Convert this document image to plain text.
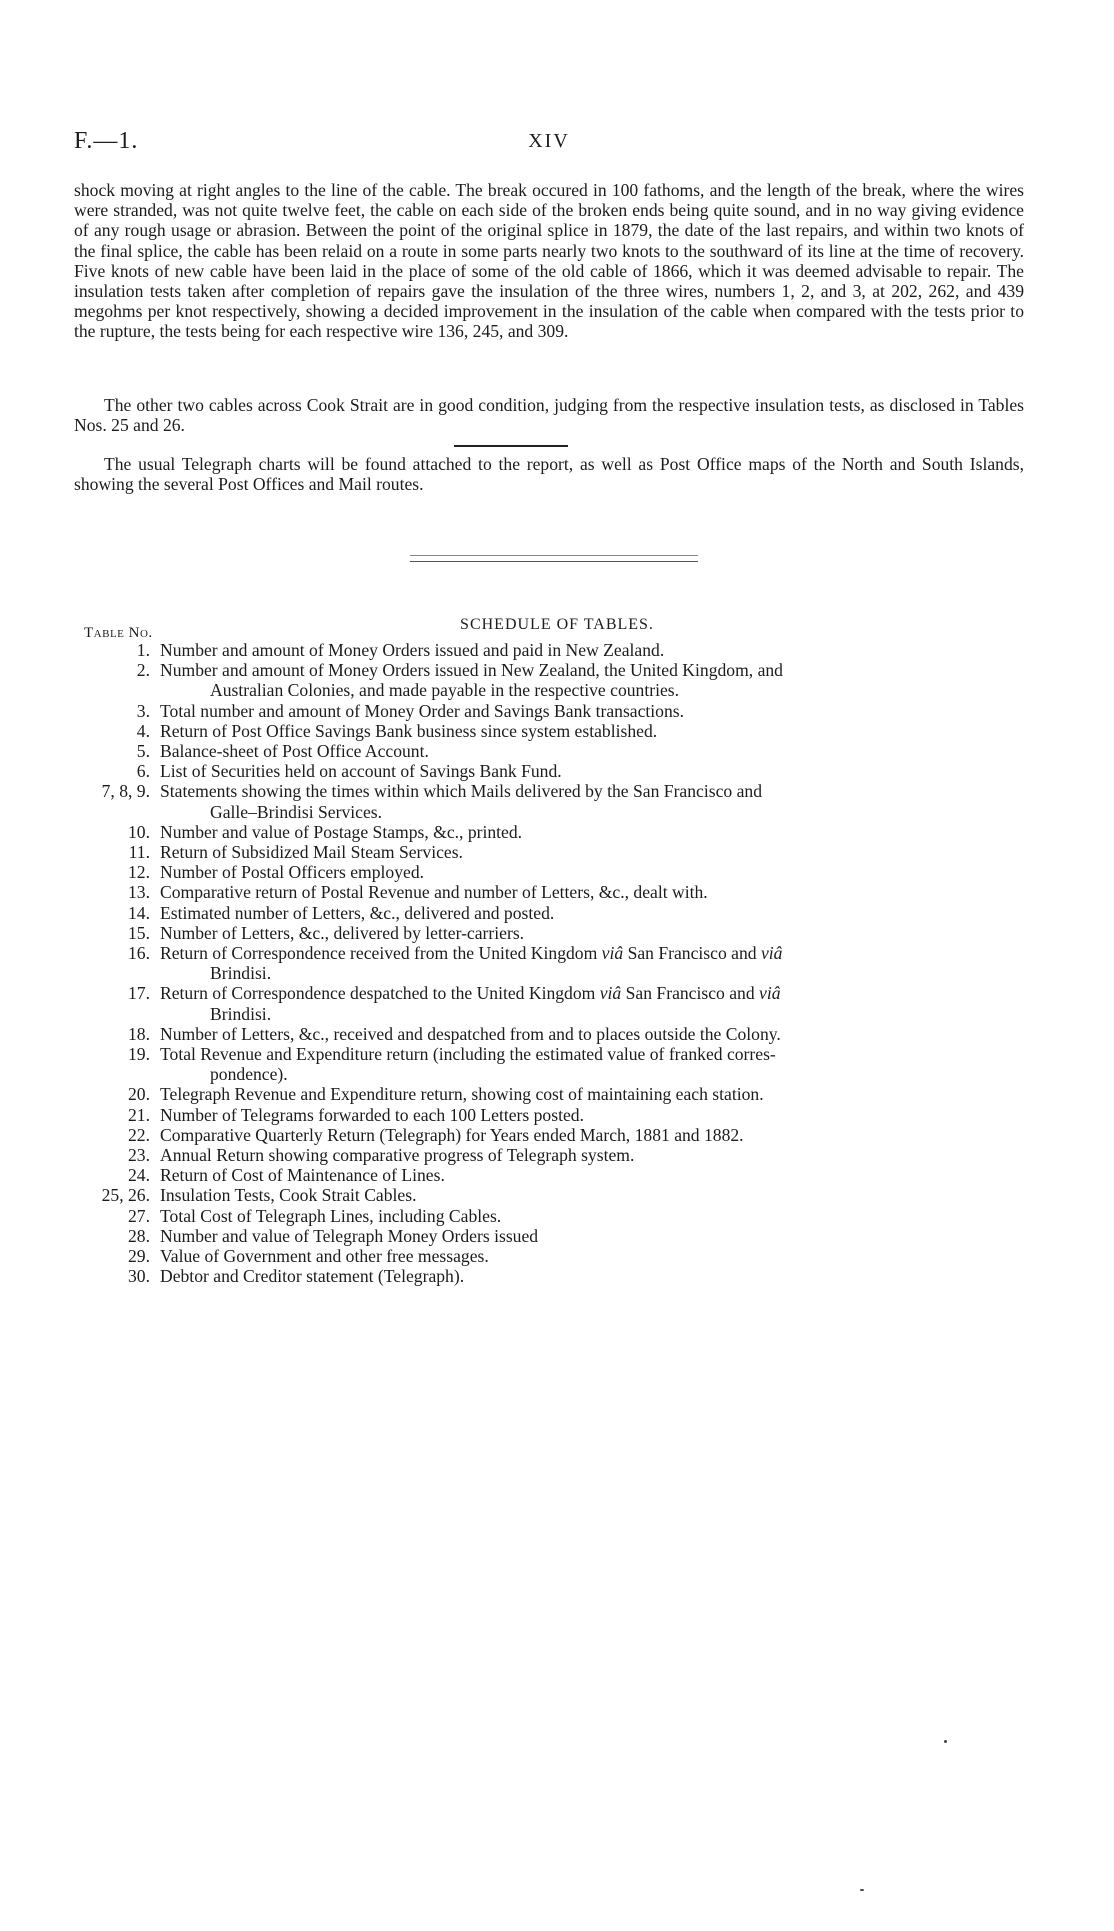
F.—1.	XIV

shock moving at right angles to the line of the cable. The break occured in 100 fathoms, and the length of the break, where the wires were stranded, was not quite twelve feet, the cable on each side of the broken ends being quite sound, and in no way giving evidence of any rough usage or abrasion. Between the point of the original splice in 1879, the date of the last repairs, and within two knots of the final splice, the cable has been relaid on a route in some parts nearly two knots to the southward of its line at the time of recovery. Five knots of new cable have been laid in the place of some of the old cable of 1866, which it was deemed advisable to repair. The insulation tests taken after completion of repairs gave the insulation of the three wires, numbers 1, 2, and 3, at 202, 262, and 439 megohms per knot respectively, showing a decided improvement in the insulation of the cable when compared with the tests prior to the rupture, the tests being for each respective wire 136, 245, and 309.

The other two cables across Cook Strait are in good condition, judging from the respective insulation tests, as disclosed in Tables Nos. 25 and 26.

The usual Telegraph charts will be found attached to the report, as well as Post Office maps of the North and South Islands, showing the several Post Offices and Mail routes.

SCHEDULE OF TABLES.
Table No.
1. Number and amount of Money Orders issued and paid in New Zealand.
2. Number and amount of Money Orders issued in New Zealand, the United Kingdom, and
Australian Colonies, and made payable in the respective countries.
3. Total number and amount of Money Order and Savings Bank transactions.
4. Return of Post Office Savings Bank business since system established.
5. Balance-sheet of Post Office Account.
6. List of Securities held on account of Savings Bank Fund.
7, 8, 9. Statements showing the times within which Mails delivered by the San Francisco and
Galle–Brindisi Services.
10. Number and value of Postage Stamps, &c., printed.
11. Return of Subsidized Mail Steam Services.
12. Number of Postal Officers employed.
13. Comparative return of Postal Revenue and number of Letters, &c., dealt with.
14. Estimated number of Letters, &c., delivered and posted.
15. Number of Letters, &c., delivered by letter-carriers.
16. Return of Correspondence received from the United Kingdom viâ San Francisco and viâ
Brindisi.
17. Return of Correspondence despatched to the United Kingdom viâ San Francisco and viâ
Brindisi.
18. Number of Letters, &c., received and despatched from and to places outside the Colony.
19. Total Revenue and Expenditure return (including the estimated value of franked corres-
pondence).
20. Telegraph Revenue and Expenditure return, showing cost of maintaining each station.
21. Number of Telegrams forwarded to each 100 Letters posted.
22. Comparative Quarterly Return (Telegraph) for Years ended March, 1881 and 1882.
23. Annual Return showing comparative progress of Telegraph system.
24. Return of Cost of Maintenance of Lines.
25, 26. Insulation Tests, Cook Strait Cables.
27. Total Cost of Telegraph Lines, including Cables.
28. Number and value of Telegraph Money Orders issued
29. Value of Government and other free messages.
30. Debtor and Creditor statement (Telegraph).
